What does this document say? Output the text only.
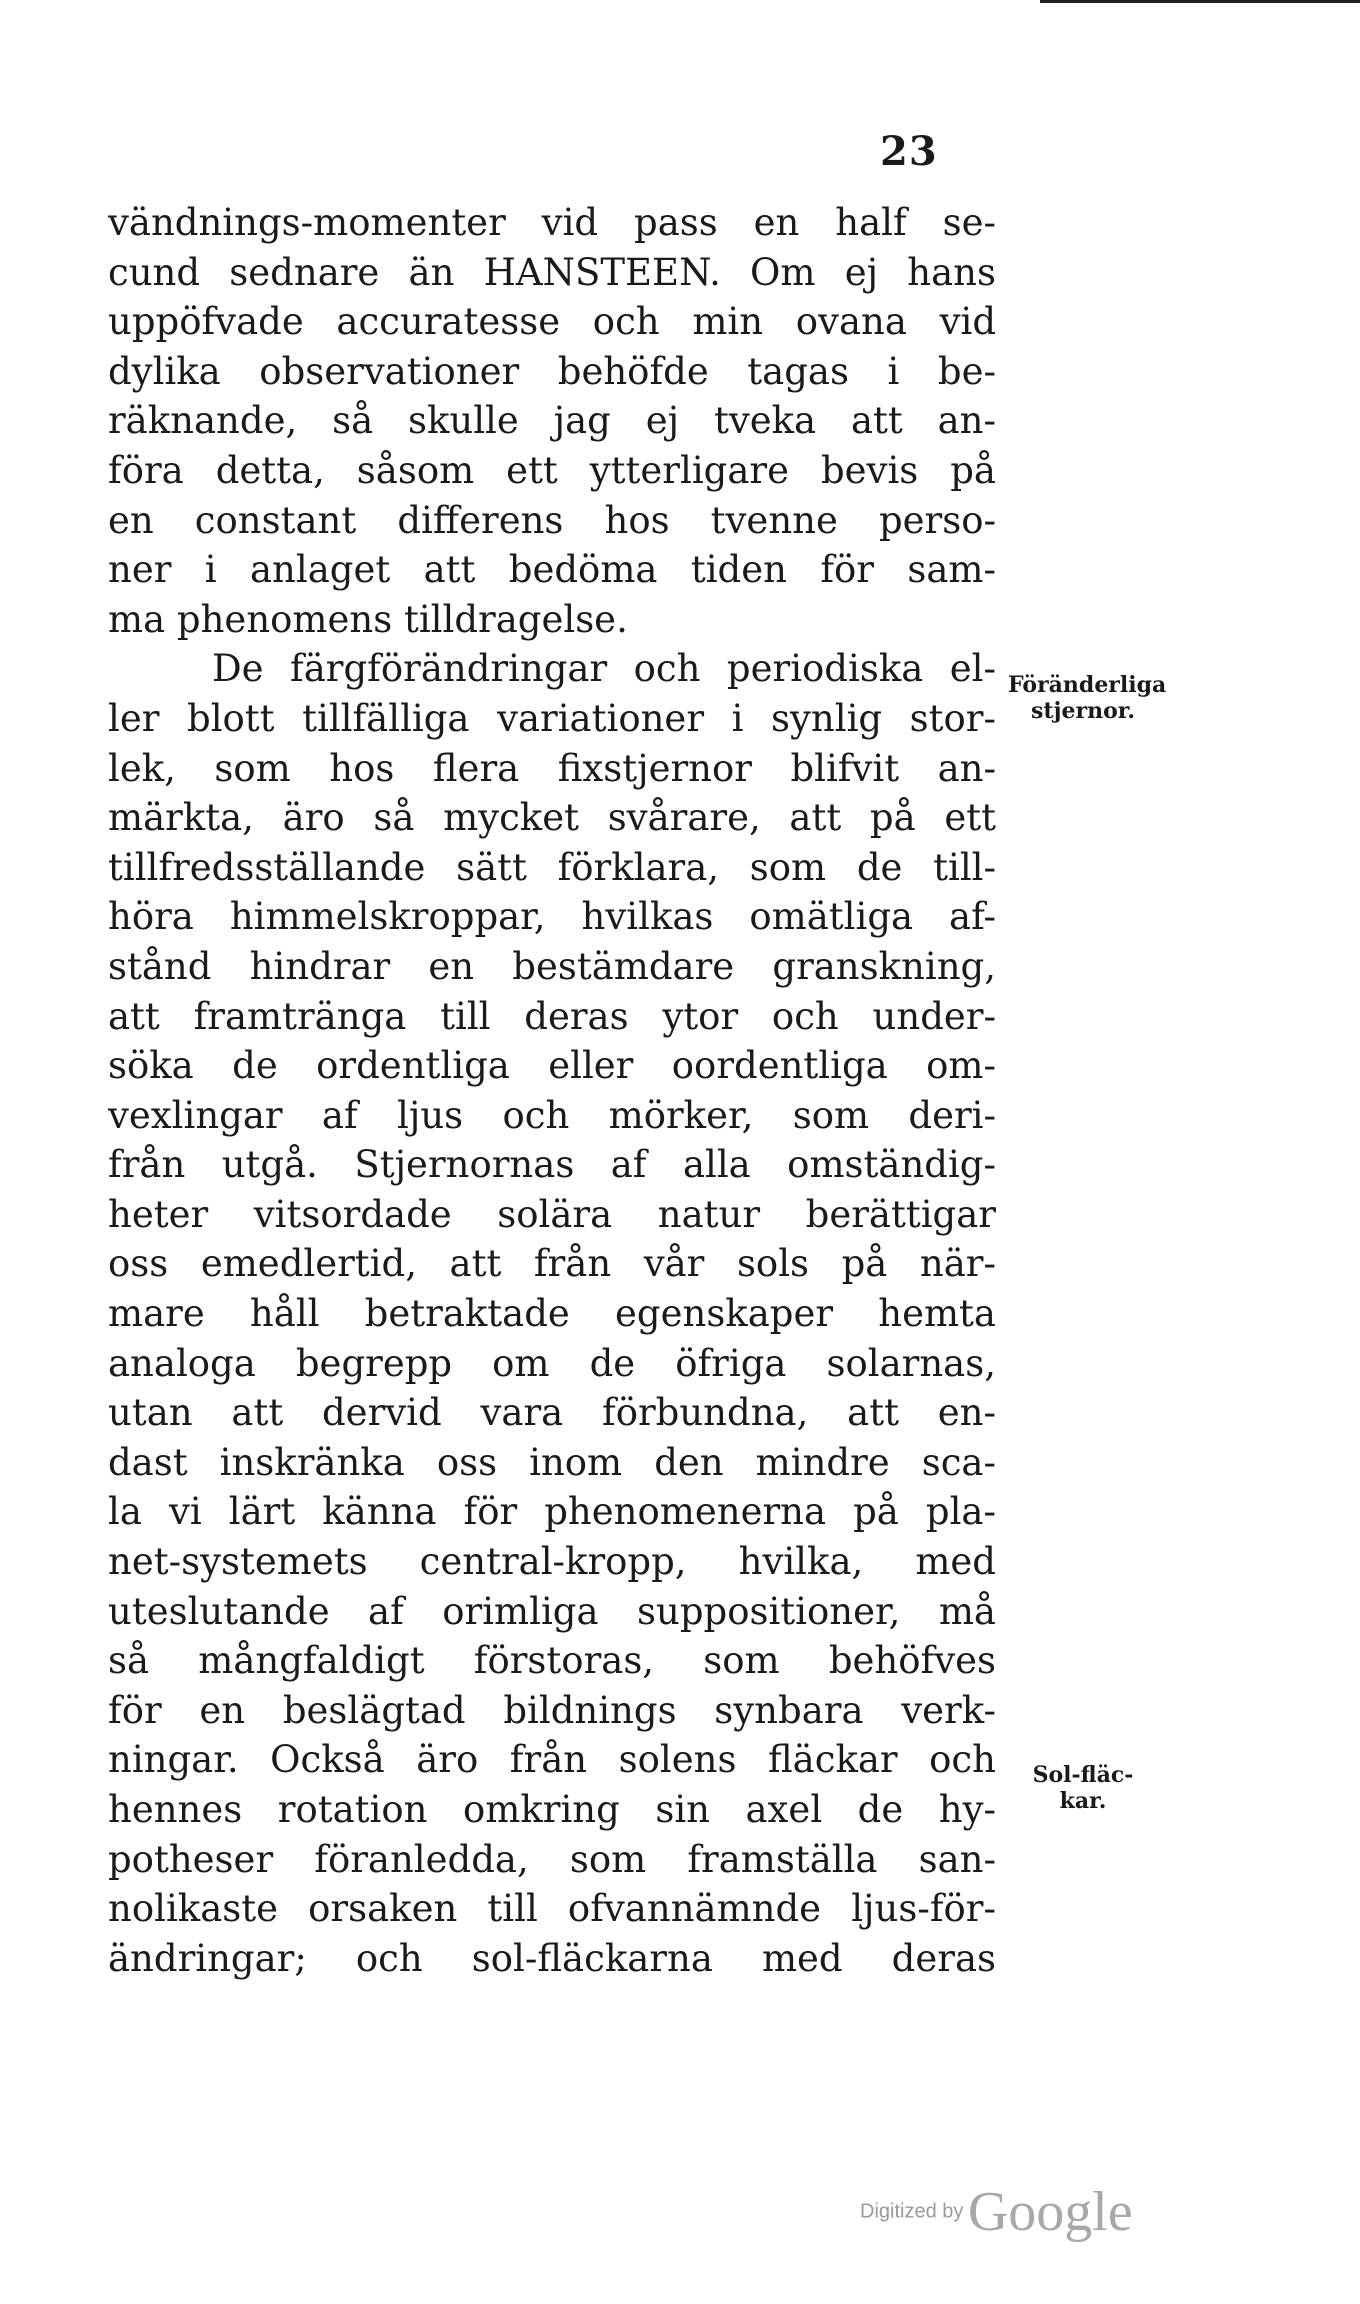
23
vändnings-momenter vid pass en half se-
cund sednare än HANSTEEN. Om ej hans
uppöfvade accuratesse och min ovana vid
dylika observationer behöfde tagas i be-
räknande, så skulle jag ej tveka att an-
föra detta, såsom ett ytterligare bevis på
en constant differens hos tvenne perso-
ner i anlaget att bedöma tiden för sam-
ma phenomens tilldragelse.
De färgförändringar och periodiska el-
ler blott tillfälliga variationer i synlig stor-
lek, som hos flera fixstjernor blifvit an-
märkta, äro så mycket svårare, att på ett
tillfredsställande sätt förklara, som de till-
höra himmelskroppar, hvilkas omätliga af-
stånd hindrar en bestämdare granskning,
att framtränga till deras ytor och under-
söka de ordentliga eller oordentliga om-
vexlingar af ljus och mörker, som deri-
från utgå. Stjernornas af alla omständig-
heter vitsordade solära natur berättigar
oss emedlertid, att från vår sols på när-
mare håll betraktade egenskaper hemta
analoga begrepp om de öfriga solarnas,
utan att dervid vara förbundna, att en-
dast inskränka oss inom den mindre sca-
la vi lärt känna för phenomenerna på pla-
net-systemets central-kropp, hvilka, med
uteslutande af orimliga suppositioner, må
så mångfaldigt förstoras, som behöfves
för en beslägtad bildnings synbara verk-
ningar. Också äro från solens fläckar och
hennes rotation omkring sin axel de hy-
potheser föranledda, som framställa san-
nolikaste orsaken till ofvannämnde ljus-för-
ändringar; och sol-fläckarna med deras
Föränderliga
stjernor.
Sol-fläc-
kar.
Digitized by Google
